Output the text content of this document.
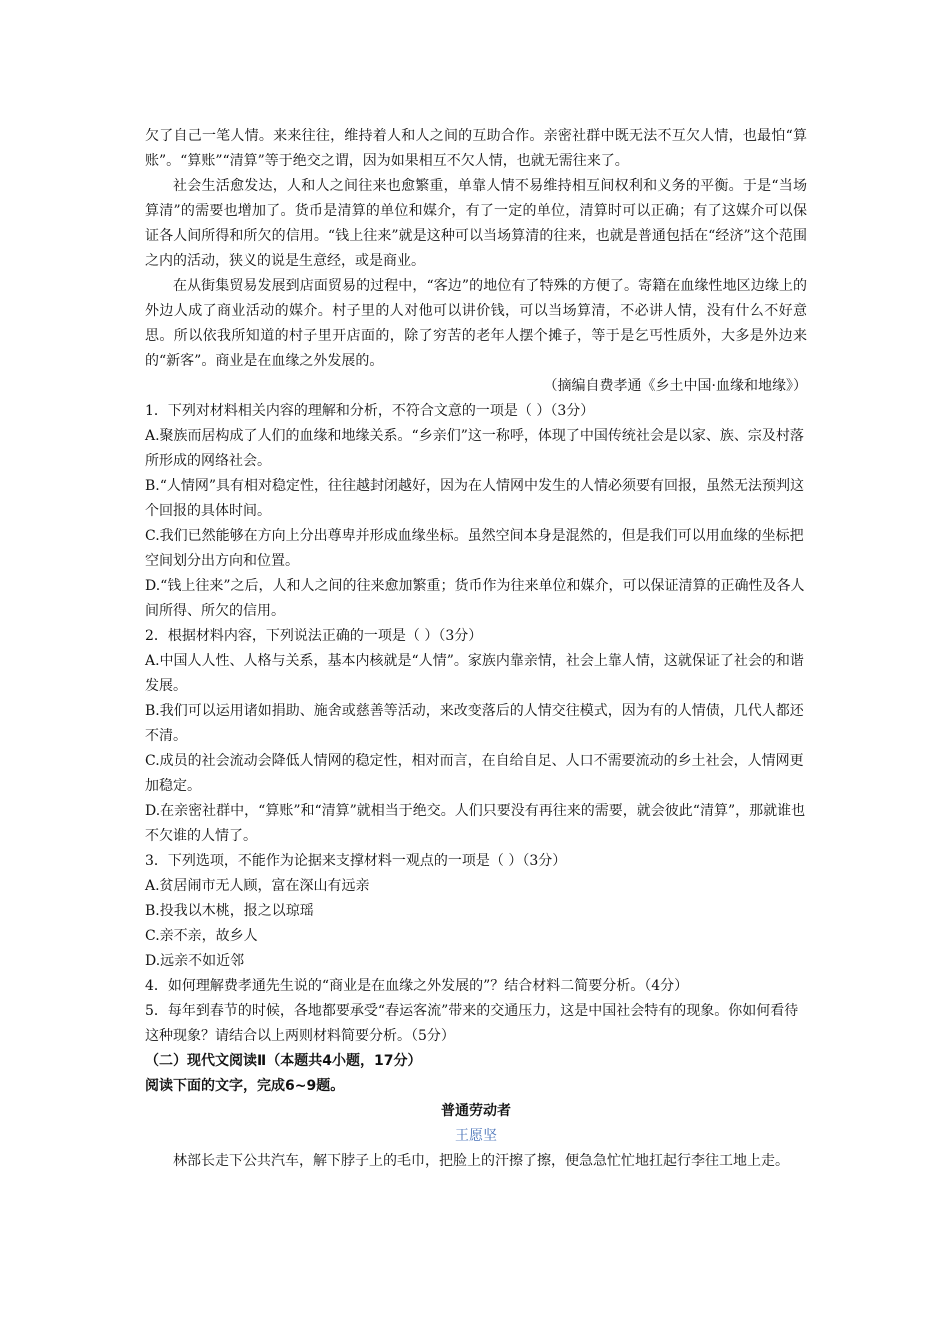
欠了自己一笔人情。来来往往，维持着人和人之间的互助合作。亲密社群中既无法不互欠人情，也最怕“算账”。“算账”“清算”等于绝交之谓，因为如果相互不欠人情，也就无需往来了。

社会生活愈发达，人和人之间往来也愈繁重，单靠人情不易维持相互间权利和义务的平衡。于是“当场算清”的需要也增加了。货币是清算的单位和媒介，有了一定的单位，清算时可以正确；有了这媒介可以保证各人间所得和所欠的信用。“钱上往来”就是这种可以当场算清的往来，也就是普通包括在“经济”这个范围之内的活动，狭义的说是生意经，或是商业。

在从街集贸易发展到店面贸易的过程中，“客边”的地位有了特殊的方便了。寄籍在血缘性地区边缘上的外边人成了商业活动的媒介。村子里的人对他可以讲价钱，可以当场算清，不必讲人情，没有什么不好意思。所以依我所知道的村子里开店面的，除了穷苦的老年人摆个摊子，等于是乞丐性质外，大多是外边来的“新客”。商业是在血缘之外发展的。

（摘编自费孝通《乡土中国·血缘和地缘》）

1．下列对材料相关内容的理解和分析，不符合文意的一项是（ ）（3分）

A.聚族而居构成了人们的血缘和地缘关系。“乡亲们”这一称呼，体现了中国传统社会是以家、族、宗及村落所形成的网络社会。

B.“人情网”具有相对稳定性，往往越封闭越好，因为在人情网中发生的人情必须要有回报，虽然无法预判这个回报的具体时间。

C.我们已然能够在方向上分出尊卑并形成血缘坐标。虽然空间本身是混然的，但是我们可以用血缘的坐标把空间划分出方向和位置。

D.“钱上往来”之后，人和人之间的往来愈加繁重；货币作为往来单位和媒介，可以保证清算的正确性及各人间所得、所欠的信用。

2．根据材料内容，下列说法正确的一项是（ ）（3分）

A.中国人人性、人格与关系，基本内核就是“人情”。家族内靠亲情，社会上靠人情，这就保证了社会的和谐发展。

B.我们可以运用诸如捐助、施舍或慈善等活动，来改变落后的人情交往模式，因为有的人情债，几代人都还不清。

C.成员的社会流动会降低人情网的稳定性，相对而言，在自给自足、人口不需要流动的乡土社会，人情网更加稳定。

D.在亲密社群中，“算账”和“清算”就相当于绝交。人们只要没有再往来的需要，就会彼此“清算”，那就谁也不欠谁的人情了。

3．下列选项，不能作为论据来支撑材料一观点的一项是（ ）（3分）

A.贫居闹市无人顾，富在深山有远亲

B.投我以木桃，报之以琼瑶

C.亲不亲，故乡人

D.远亲不如近邻

4．如何理解费孝通先生说的“商业是在血缘之外发展的”？结合材料二简要分析。（4分）

5．每年到春节的时候，各地都要承受“春运客流”带来的交通压力，这是中国社会特有的现象。你如何看待这种现象？请结合以上两则材料简要分析。（5分）

（二）现代文阅读Ⅱ（本题共4小题，17分）

阅读下面的文字，完成6~9题。

普通劳动者

王愿坚

林部长走下公共汽车，解下脖子上的毛巾，把脸上的汗擦了擦，便急急忙忙地扛起行李往工地上走。
